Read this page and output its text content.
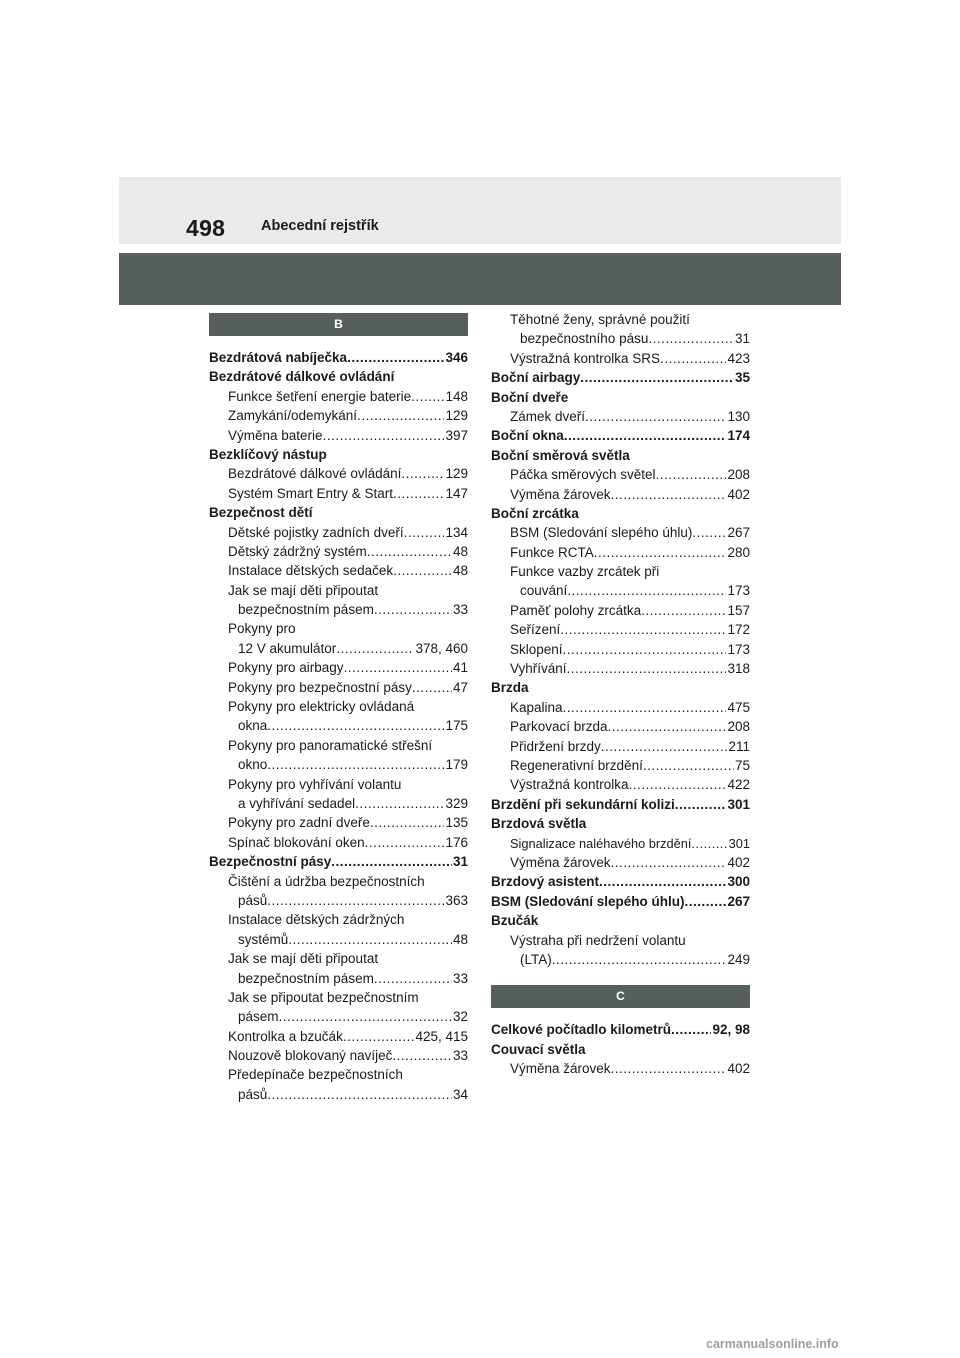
498 Abecední rejstřík
B
Bezdrátová nabíječka .....	346
Bezdrátové dálkové ovládání
Funkce šetření energie baterie .....	148
Zamykání/odemykání .....	129
Výměna baterie .....	397
Bezklíčový nástup
Bezdrátové dálkové ovládání .....	129
Systém Smart Entry & Start .....	147
Bezpečnost dětí
Dětské pojistky zadních dveří .....	134
Dětský zádržný systém .....	48
Instalace dětských sedaček .....	48
Jak se mají děti připoutat
bezpečnostním pásem .....	33
Pokyny pro
12 V akumulátor .....	378, 460
Pokyny pro airbagy .....	41
Pokyny pro bezpečnostní pásy .....	47
Pokyny pro elektricky ovládaná
okna .....	175
Pokyny pro panoramatické střešní
okno .....	179
Pokyny pro vyhřívání volantu
a vyhřívání sedadel .....	329
Pokyny pro zadní dveře .....	135
Spínač blokování oken .....	176
Bezpečnostní pásy .....	31
Čištění a údržba bezpečnostních
pásů .....	363
Instalace dětských zádržných
systémů .....	48
Jak se mají děti připoutat
bezpečnostním pásem .....	33
Jak se připoutat bezpečnostním
pásem .....	32
Kontrolka a bzučák .....	425, 415
Nouzově blokovaný navíječ .....	33
Předepínače bezpečnostních
pásů .....	34
Těhotné ženy, správné použití
bezpečnostního pásu .....	31
Výstražná kontrolka SRS .....	423
Boční airbagy .....	35
Boční dveře
Zámek dveří .....	130
Boční okna .....	174
Boční směrová světla
Páčka směrových světel .....	208
Výměna žárovek .....	402
Boční zrcátka
BSM (Sledování slepého úhlu) .....	267
Funkce RCTA .....	280
Funkce vazby zrcátek při
couvání .....	173
Paměť polohy zrcátka .....	157
Seřízení .....	172
Sklopení .....	173
Vyhřívání .....	318
Brzda
Kapalina .....	475
Parkovací brzda .....	208
Přidržení brzdy .....	211
Regenerativní brzdění .....	75
Výstražná kontrolka .....	422
Brzdění při sekundární kolizi .....	301
Brzdová světla
Signalizace naléhavého brzdění .....	301
Výměna žárovek .....	402
Brzdový asistent .....	300
BSM (Sledování slepého úhlu) .....	267
Bzučák
Výstraha při nedržení volantu
(LTA) .....	249
C
Celkové počítadlo kilometrů .....	92, 98
Couvací světla
Výměna žárovek .....	402
carmanualsonline.info
